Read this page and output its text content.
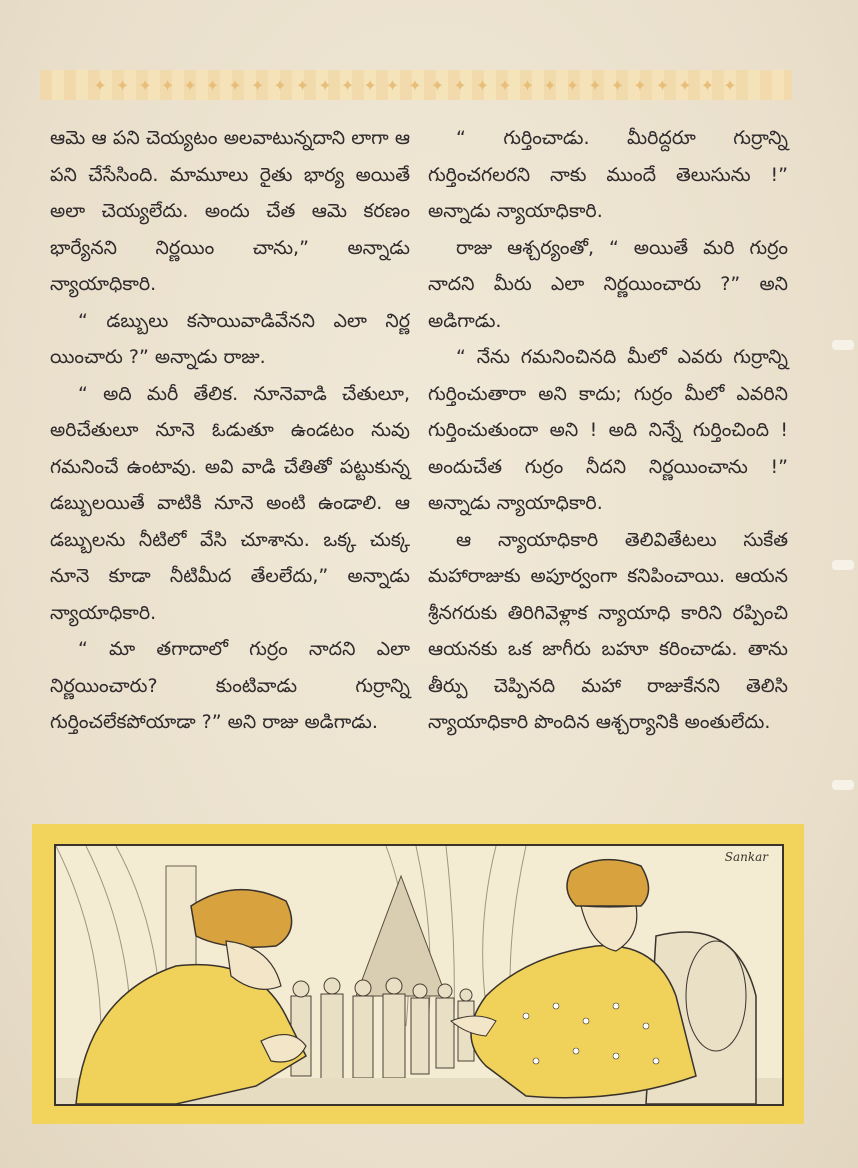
✦ ✦ ✦ ✦ ✦ ✦ ✦ ✦ ✦ ✦ ✦ ✦ ✦ ✦ ✦ ✦ ✦ ✦ ✦ ✦ ✦ ✦ ✦ ✦ ✦ ✦ ✦ ✦ ✦

ఆమె ఆ పని చెయ్యటం అలవాటున్నదాని లాగా ఆ పని చేసేసింది. మామూలు రైతు భార్య అయితే అలా చెయ్యలేదు. అందు చేత ఆమె కరణం భార్యేనని నిర్ణయిం చాను,” అన్నాడు న్యాయాధికారి.

“ డబ్బులు కసాయివాడివేనని ఎలా నిర్ణ యించారు ?” అన్నాడు రాజు.

“ అది మరీ తేలిక. నూనెవాడి చేతులూ, అరిచేతులూ నూనె ఓడుతూ ఉండటం నువు గమనించే ఉంటావు. అవి వాడి చేతితో పట్టుకున్న డబ్బులయితే వాటికి నూనె అంటి ఉండాలి. ఆ డబ్బులను నీటిలో వేసి చూశాను. ఒక్క చుక్క నూనె కూడా నీటిమీద తేలలేదు,” అన్నాడు న్యాయాధికారి.

“ మా తగాదాలో గుర్రం నాదని ఎలా నిర్ణయించారు? కుంటివాడు గుర్రాన్ని గుర్తించలేకపోయాడా ?” అని రాజు అడిగాడు.

“ గుర్తించాడు. మీరిద్దరూ గుర్రాన్ని గుర్తించగలరని నాకు ముందే తెలుసును !” అన్నాడు న్యాయాధికారి.

రాజు ఆశ్చర్యంతో, “ అయితే మరి గుర్రం నాదని మీరు ఎలా నిర్ణయించారు ?” అని అడిగాడు.

“ నేను గమనించినది మీలో ఎవరు గుర్రాన్ని గుర్తించుతారా అని కాదు; గుర్రం మీలో ఎవరిని గుర్తించుతుందా అని ! అది నిన్నే గుర్తించింది ! అందుచేత గుర్రం నీదని నిర్ణయించాను !” అన్నాడు న్యాయాధికారి.

ఆ న్యాయాధికారి తెలివితేటలు సుకేత మహారాజుకు అపూర్వంగా కనిపించాయి. ఆయన శ్రీనగరుకు తిరిగివెళ్లాక న్యాయాధి కారిని రప్పించి ఆయనకు ఒక జాగీరు బహూ కరించాడు. తాను తీర్పు చెప్పినది మహా రాజుకేనని తెలిసి న్యాయాధికారి పొందిన ఆశ్చర్యానికి అంతులేదు.

Sankar
